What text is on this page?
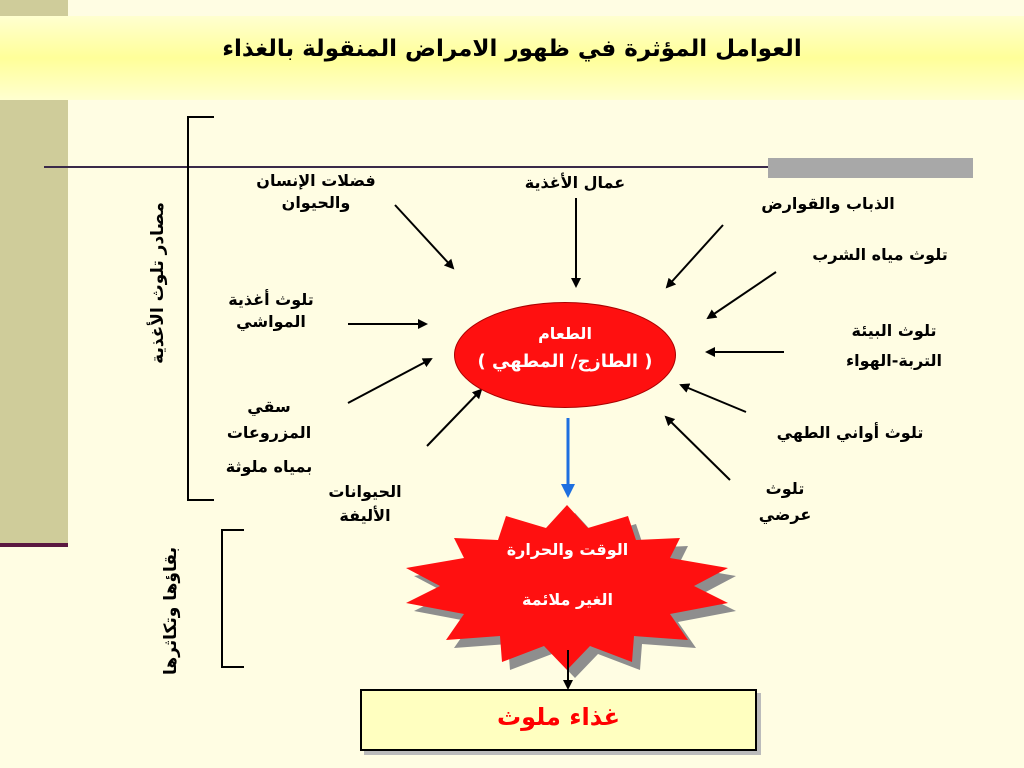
العوامل المؤثرة في ظهور الامراض المنقولة بالغذاء
فضلات الإنسان
والحيوان
عمال الأغذية
الذباب والقوارض
تلوث مياه الشرب
تلوث أغذية
المواشي	تلوث البيئة
التربة-الهواء
سقي
المزروعات
بمياه ملوثة
تلوث أواني الطهي
الحيوانات
الأليفة
تلوث
عرضي
مصادر تلوث الأغذية
بقاؤها وتكاثرها
الطعام
( الطازج/ المطهي )
الوقت والحرارة
الغير ملائمة
غذاء ملوث
